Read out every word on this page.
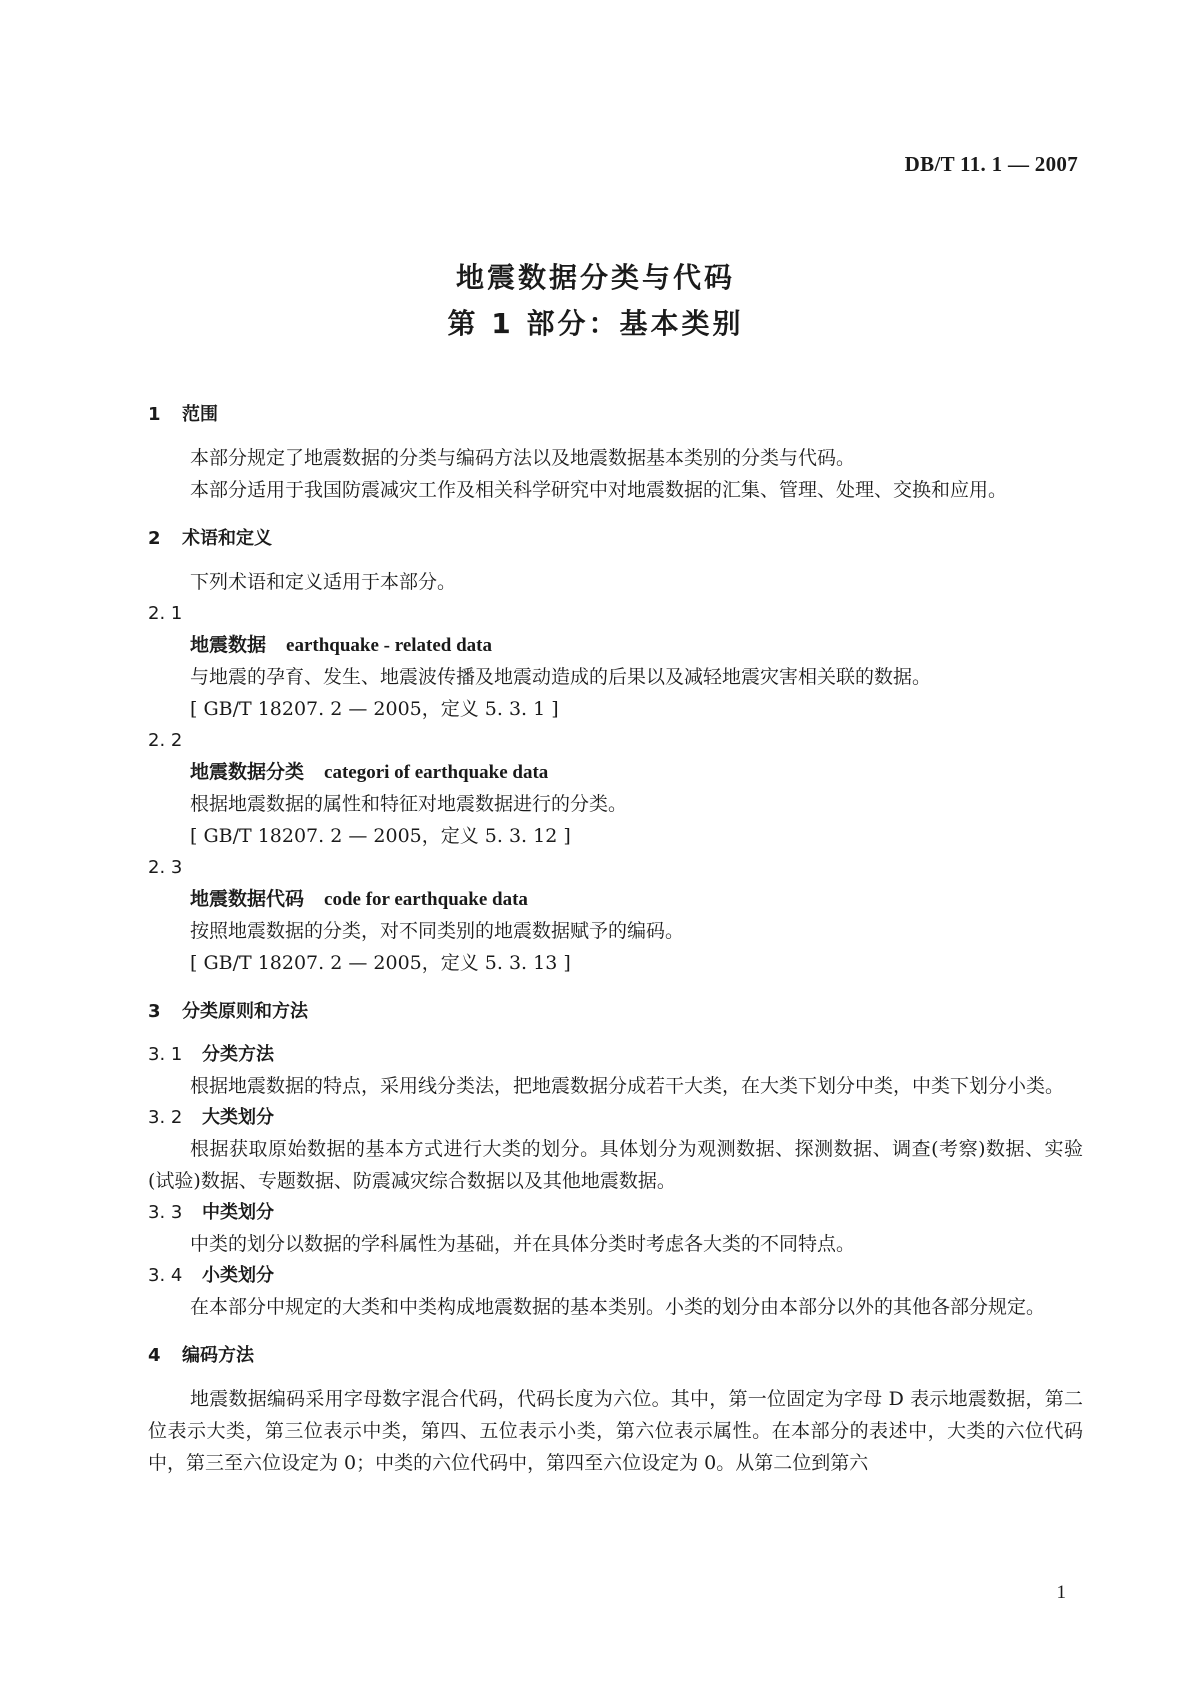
DB/T 11. 1 — 2007
地震数据分类与代码
第 1 部分：基本类别
1 范围
本部分规定了地震数据的分类与编码方法以及地震数据基本类别的分类与代码。
本部分适用于我国防震减灾工作及相关科学研究中对地震数据的汇集、管理、处理、交换和应用。
2 术语和定义
下列术语和定义适用于本部分。
2. 1
地震数据 earthquake - related data
与地震的孕育、发生、地震波传播及地震动造成的后果以及减轻地震灾害相关联的数据。
[ GB/T 18207. 2 — 2005，定义 5. 3. 1 ]
2. 2
地震数据分类 categori of earthquake data
根据地震数据的属性和特征对地震数据进行的分类。
[ GB/T 18207. 2 — 2005，定义 5. 3. 12 ]
2. 3
地震数据代码 code for earthquake data
按照地震数据的分类，对不同类别的地震数据赋予的编码。
[ GB/T 18207. 2 — 2005，定义 5. 3. 13 ]
3 分类原则和方法
3. 1 分类方法
根据地震数据的特点，采用线分类法，把地震数据分成若干大类，在大类下划分中类，中类下划分小类。
3. 2 大类划分
根据获取原始数据的基本方式进行大类的划分。具体划分为观测数据、探测数据、调查(考察)数据、实验(试验)数据、专题数据、防震减灾综合数据以及其他地震数据。
3. 3 中类划分
中类的划分以数据的学科属性为基础，并在具体分类时考虑各大类的不同特点。
3. 4 小类划分
在本部分中规定的大类和中类构成地震数据的基本类别。小类的划分由本部分以外的其他各部分规定。
4 编码方法
地震数据编码采用字母数字混合代码，代码长度为六位。其中，第一位固定为字母 D 表示地震数据，第二位表示大类，第三位表示中类，第四、五位表示小类，第六位表示属性。在本部分的表述中，大类的六位代码中，第三至六位设定为 0；中类的六位代码中，第四至六位设定为 0。从第二位到第六
1
